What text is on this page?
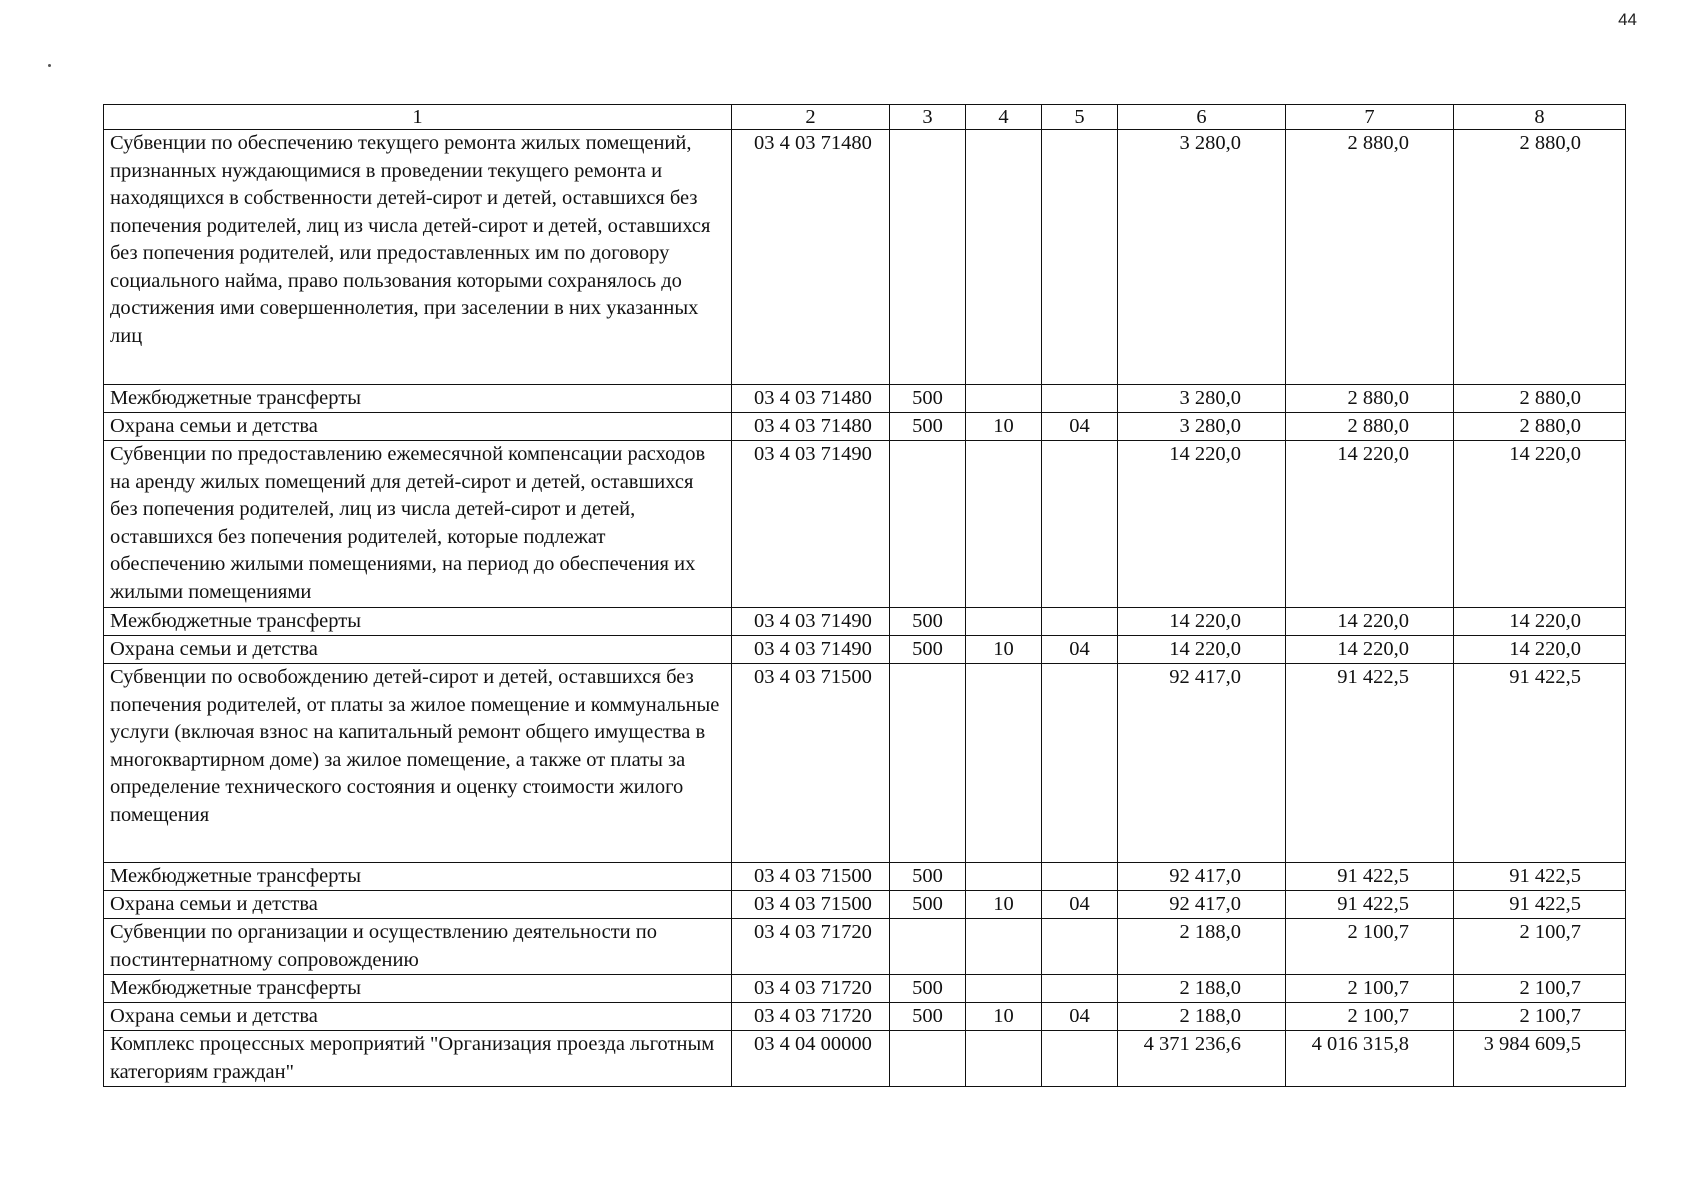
44
1	2	3	4	5	6	7	8
Субвенции по обеспечению текущего ремонта жилых помещений, признанных нуждающимися в проведении текущего ремонта и находящихся в собственности детей-сирот и детей, оставшихся без попечения родителей, лиц из числа детей-сирот и детей, оставшихся без попечения родителей, или предоставленных им по договору социального найма, право пользования которыми сохранялось до достижения ими совершеннолетия, при заселении в них указанных лиц	03 4 03 71480				3 280,0	2 880,0	2 880,0
Межбюджетные трансферты	03 4 03 71480	500			3 280,0	2 880,0	2 880,0
Охрана семьи и детства	03 4 03 71480	500	10	04	3 280,0	2 880,0	2 880,0
Субвенции по предоставлению ежемесячной компенсации расходов на аренду жилых помещений для детей-сирот и детей, оставшихся без попечения родителей, лиц из числа детей-сирот и детей, оставшихся без попечения родителей, которые подлежат обеспечению жилыми помещениями, на период до обеспечения их жилыми помещениями	03 4 03 71490				14 220,0	14 220,0	14 220,0
Межбюджетные трансферты	03 4 03 71490	500			14 220,0	14 220,0	14 220,0
Охрана семьи и детства	03 4 03 71490	500	10	04	14 220,0	14 220,0	14 220,0
Субвенции по освобождению детей-сирот и детей, оставшихся без попечения родителей, от платы за жилое помещение и коммунальные услуги (включая взнос на капитальный ремонт общего имущества в многоквартирном доме) за жилое помещение, а также от платы за определение технического состояния и оценку стоимости жилого помещения	03 4 03 71500				92 417,0	91 422,5	91 422,5
Межбюджетные трансферты	03 4 03 71500	500			92 417,0	91 422,5	91 422,5
Охрана семьи и детства	03 4 03 71500	500	10	04	92 417,0	91 422,5	91 422,5
Субвенции по организации и осуществлению деятельности по постинтернатному сопровождению	03 4 03 71720				2 188,0	2 100,7	2 100,7
Межбюджетные трансферты	03 4 03 71720	500			2 188,0	2 100,7	2 100,7
Охрана семьи и детства	03 4 03 71720	500	10	04	2 188,0	2 100,7	2 100,7
Комплекс процессных мероприятий "Организация проезда льготным категориям граждан"	03 4 04 00000				4 371 236,6	4 016 315,8	3 984 609,5
